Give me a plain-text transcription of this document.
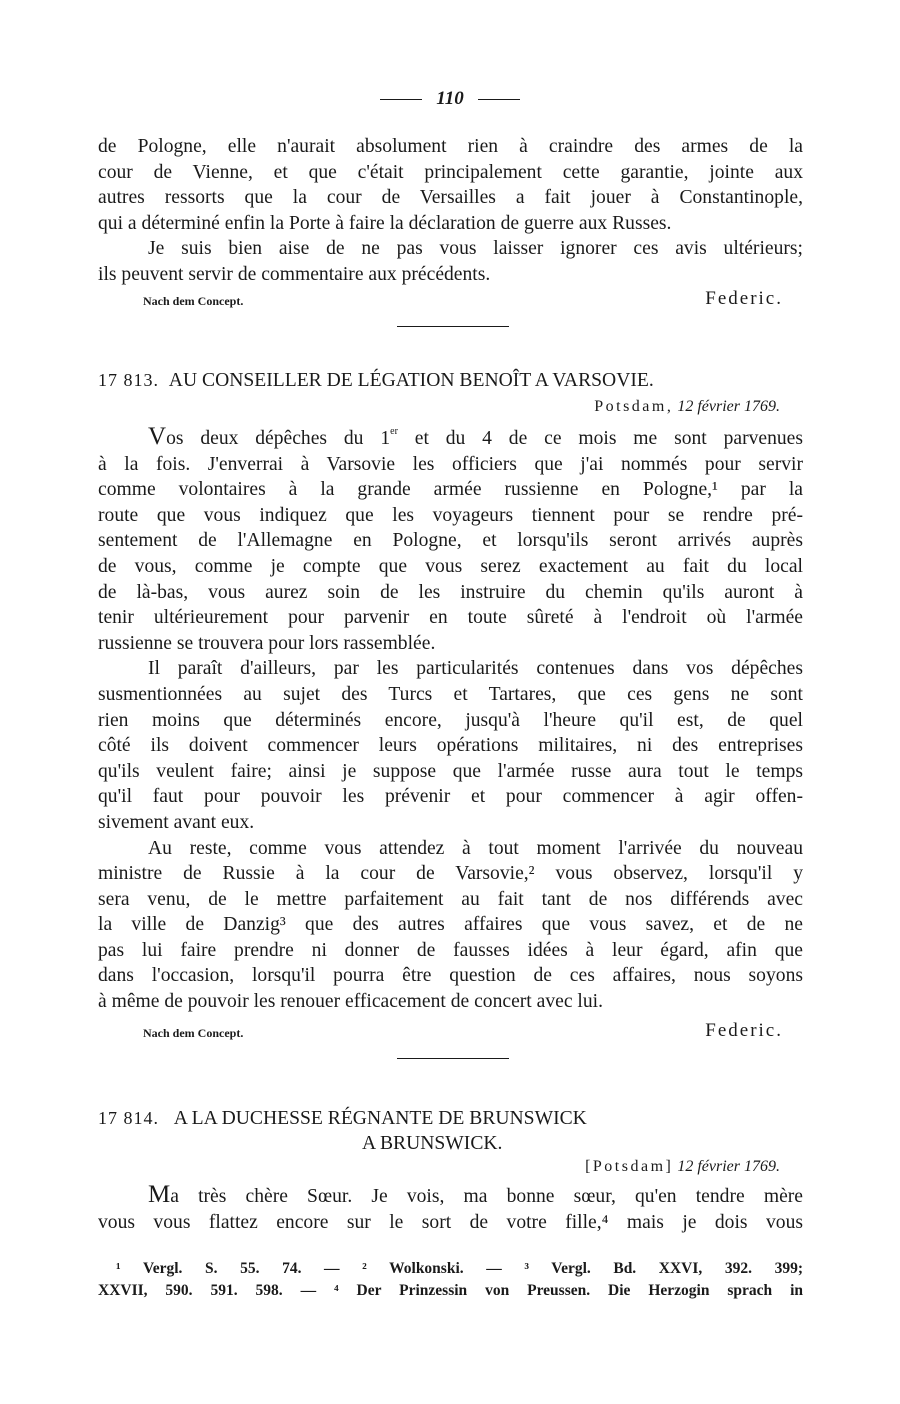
110
de Pologne, elle n'aurait absolument rien à craindre des armes de la
cour de Vienne, et que c'était principalement cette garantie, jointe aux
autres ressorts que la cour de Versailles a fait jouer à Constantinople,
qui a déterminé enfin la Porte à faire la déclaration de guerre aux Russes.
Je suis bien aise de ne pas vous laisser ignorer ces avis ultérieurs;
ils peuvent servir de commentaire aux précédents.
Nach dem Concept.	Federic.
17 813. AU CONSEILLER DE LÉGATION BENOÎT A VARSOVIE.
Potsdam, 12 février 1769.
Vos deux dépêches du 1er et du 4 de ce mois me sont parvenues
à la fois. J'enverrai à Varsovie les officiers que j'ai nommés pour servir
comme volontaires à la grande armée russienne en Pologne,¹ par la
route que vous indiquez que les voyageurs tiennent pour se rendre pré-
sentement de l'Allemagne en Pologne, et lorsqu'ils seront arrivés auprès
de vous, comme je compte que vous serez exactement au fait du local
de là-bas, vous aurez soin de les instruire du chemin qu'ils auront à
tenir ultérieurement pour parvenir en toute sûreté à l'endroit où l'armée
russienne se trouvera pour lors rassemblée.
Il paraît d'ailleurs, par les particularités contenues dans vos dépêches
susmentionnées au sujet des Turcs et Tartares, que ces gens ne sont
rien moins que déterminés encore, jusqu'à l'heure qu'il est, de quel
côté ils doivent commencer leurs opérations militaires, ni des entreprises
qu'ils veulent faire; ainsi je suppose que l'armée russe aura tout le temps
qu'il faut pour pouvoir les prévenir et pour commencer à agir offen-
sivement avant eux.
Au reste, comme vous attendez à tout moment l'arrivée du nouveau
ministre de Russie à la cour de Varsovie,² vous observez, lorsqu'il y
sera venu, de le mettre parfaitement au fait tant de nos différends avec
la ville de Danzig³ que des autres affaires que vous savez, et de ne
pas lui faire prendre ni donner de fausses idées à leur égard, afin que
dans l'occasion, lorsqu'il pourra être question de ces affaires, nous soyons
à même de pouvoir les renouer efficacement de concert avec lui.
Nach dem Concept.	Federic.
17 814. A LA DUCHESSE RÉGNANTE DE BRUNSWICK
A BRUNSWICK.
[Potsdam] 12 février 1769.
Ma très chère Sœur. Je vois, ma bonne sœur, qu'en tendre mère
vous vous flattez encore sur le sort de votre fille,⁴ mais je dois vous
¹ Vergl. S. 55. 74. — ² Wolkonski. — ³ Vergl. Bd. XXVI, 392. 399;
XXVII, 590. 591. 598. — ⁴ Der Prinzessin von Preussen. Die Herzogin sprach in
